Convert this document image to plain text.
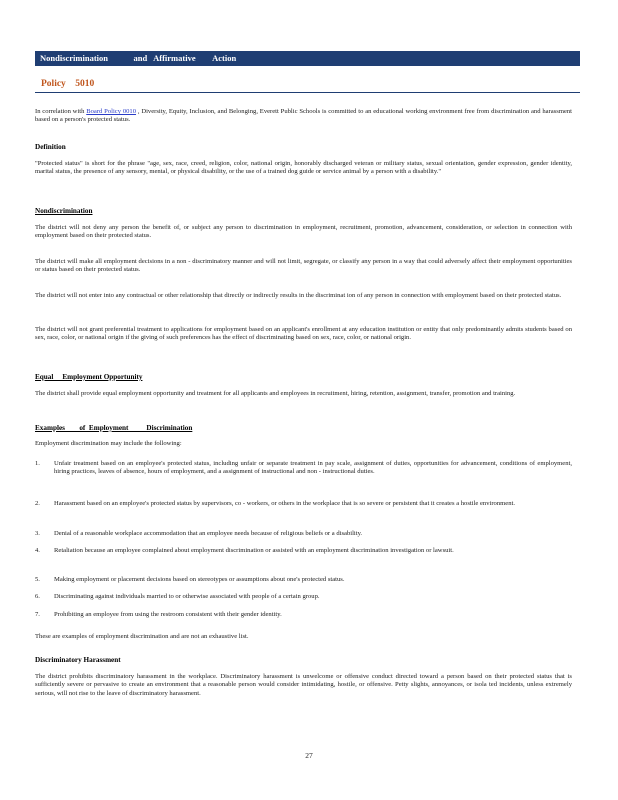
Nondiscrimination            and   Affirmative        Action
Policy    5010

In correlation with Board Policy 0010 , Diversity, Equity, Inclusion, and Belonging, Everett Public Schools is committed to an educational working environment free from discrimination and harassment based on a person's protected status.

Definition

"Protected status" is short for the phrase "age, sex, race, creed, religion, color, national origin, honorably discharged veteran or military status, sexual orientation, gender expression, gender identity, marital status, the presence of any sensory, mental, or physical disability, or the use of a trained dog guide or service animal by a person with a disability."

Nondiscrimination

The district will not deny any person the benefit of, or subject any person to discrimination in employment, recruitment, promotion, advancement, consideration, or selection in connection with employment based on their protected status.

The district will make all employment decisions in a non - discriminatory manner and will not limit, segregate, or classify any person in a way that could adversely affect their employment opportunities or status based on their protected status.

The district will not enter into any contractual or other relationship that directly or indirectly results in the discriminat ion of any person in connection with employment based on their protected status.

The district will not grant preferential treatment to applications for employment based on an applicant's enrollment at any education institution or entity that only predominantly admits students based on sex, race, color, or national origin if the giving of such preferences has the effect of discriminating based on sex, race, color, or national origin.

Equal     Employment Opportunity

The district shall provide equal employment opportunity and treatment for all applicants and employees in recruitment, hiring, retention, assignment, transfer, promotion and training.

Examples        of  Employment          Discrimination

Employment discrimination may include the following:

1. Unfair treatment based on an employee's protected status, including unfair or separate treatment in pay scale, assignment of duties, opportunities for advancement, conditions of employment, hiring practices, leaves of absence, hours of employment, and a assignment of instructional and non - instructional duties.
2. Harassment based on an employee's protected status by supervisors, co - workers, or others in the workplace that is so severe or persistent that it creates a hostile environment.
3. Denial of a reasonable workplace accommodation that an employee needs because of religious beliefs or a disability.
4. Retaliation because an employee complained about employment discrimination or assisted with an employment discrimination investigation or lawsuit.
5. Making employment or placement decisions based on stereotypes or assumptions about one's protected status.
6. Discriminating against individuals married to or otherwise associated with people of a certain group.
7. Prohibiting an employee from using the restroom consistent with their gender identity.

These are examples of employment discrimination and are not an exhaustive list.

Discriminatory Harassment

The district prohibits discriminatory harassment in the workplace. Discriminatory harassment is unwelcome or offensive conduct directed toward a person based on their protected status that is sufficiently severe or pervasive to create an environment that a reasonable person would consider intimidating, hostile, or offensive. Petty slights, annoyances, or isola ted incidents, unless extremely serious, will not rise to the leave of discriminatory harassment.

27
